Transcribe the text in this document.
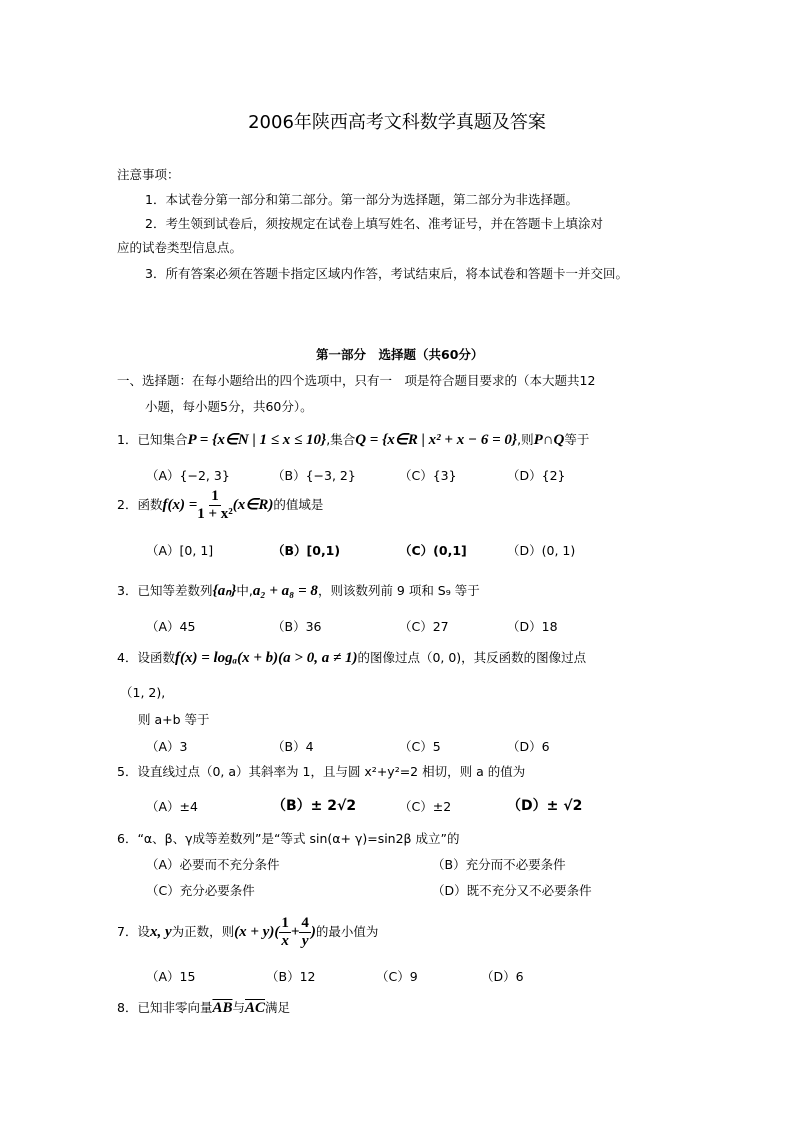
2006年陕西高考文科数学真题及答案
注意事项：
1．本试卷分第一部分和第二部分。第一部分为选择题，第二部分为非选择题。
2．考生领到试卷后，须按规定在试卷上填写姓名、准考证号，并在答题卡上填涂对
应的试卷类型信息点。
3．所有答案必须在答题卡指定区域内作答，考试结束后，将本试卷和答题卡一并交回。
第一部分　选择题（共60分）
一、选择题：在每小题给出的四个选项中，只有一　项是符合题目要求的（本大题共12
小题，每小题5分，共60分）。
1．已知集合P = {x∈N | 1 ≤ x ≤ 10},集合Q = {x∈R | x² + x − 6 = 0},则P∩Q等于
（A）{−2, 3}	（B）{−3, 2}	（C）{3}	（D）{2}
2．函数$f(x) = \frac{1}{\text{1 + x²}}$ (x∈R)的值域是
（A）[0, 1]	（B）[0,1)	（C）(0,1]	（D）(0, 1)
3．已知等差数列{aₙ}中,a₂ + a₈ = 8，则该数列前 9 项和 S₉ 等于
（A）45	（B）36	（C）27	（D）18
4．设函数f(x) = logₐ(x + b)(a > 0, a ≠ 1)的图像过点（0, 0)，其反函数的图像过点
（1, 2),
则 a+b 等于
（A）3	（B）4	（C）5	（D）6
5．设直线过点（0, a）其斜率为 1，且与圆 x²+y²=2 相切，则 a 的值为
（A）±4	（B）± 2√2	（C）±2	（D）± √2
6．“α、β、γ成等差数列”是“等式 sin(α+ γ)=sin2β 成立”的
（A）必要而不充分条件	（B）充分而不必要条件
（C）充分必要条件	（D）既不充分又不必要条件
7．设x, y为正数，则$(x + y)( \frac{1}{x} + \frac{4}{y}$ )的最小值为
（A）15	（B）12	（C）9	（D）6
8．已知非零向量$\overline{AB}$与$\overline{AC}$满足
